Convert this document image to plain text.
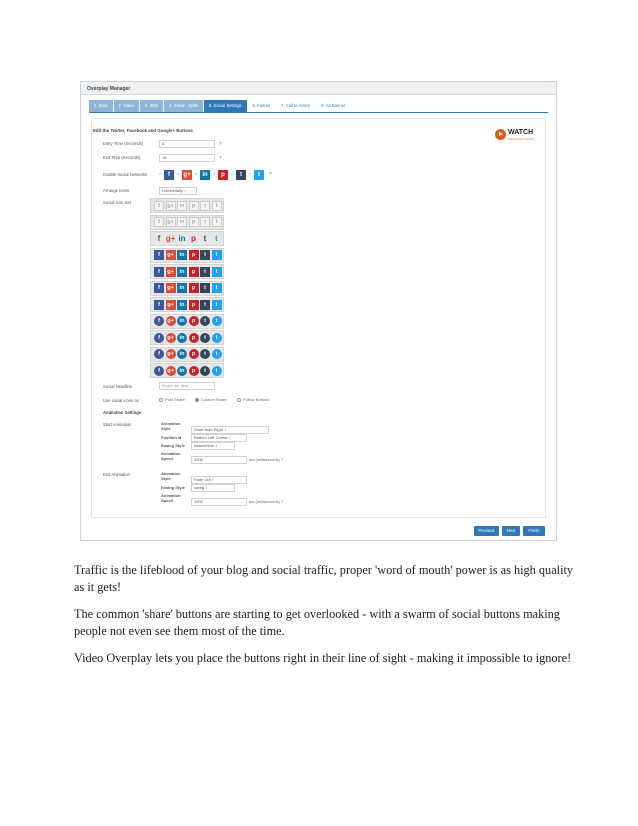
Overplay Manager
1. Start	2. Video	3. SEO	4. Email - Optin	5. Social Settings	6. Funnel	7. Call to Action	8. Ad Banner
Edit the Twitter, Facebook and Google+ Buttons	WATCH
TECHNOLOGIES
Entry Time (Seconds)	8	?
Exit Time (Seconds)	15	?
Enable Social Networks	×	f	× g+	× in	× p	×	t	×	t	?
Arrange Icons	Horizontally ↕
Social Icon Set	f	g+	in	p	t	t
f	g+	in	p	t	t
f g+ in p t	t
f	g+	in	p	t	t
f	g+	in	p	t	t
f	g+	in	p	t	t
f	g+	in	p	t	t
f	g+	in	p	t	t
f	g+	in	p	t	t
f	g+	in	p	t	t
f	g+	in	p	t	t
Social Headline	Share me dear...
Use social icons as	Post Share	Custom Share	Follow Buttons
Animation Settings
Start Animation	Animation Style	Short from Right ↕
Position at	Bottom Left Corner ↕
Easing Style	easeInSine ↕
Animation Speed	1000	ms (milliseconds) ?
End Animation	Animation Style	Fade Out ↕
Easing Style	swing ↕
Animation Speed	1000	ms (milliseconds) ?
Previous	Next	Finish
Traffic is the lifeblood of your blog and social traffic, proper 'word of mouth' power is as high quality as it gets!
The common 'share' buttons are starting to get overlooked - with a swarm of social buttons making people not even see them most of the time.
Video Overplay lets you place the buttons right in their line of sight - making it impossible to ignore!
